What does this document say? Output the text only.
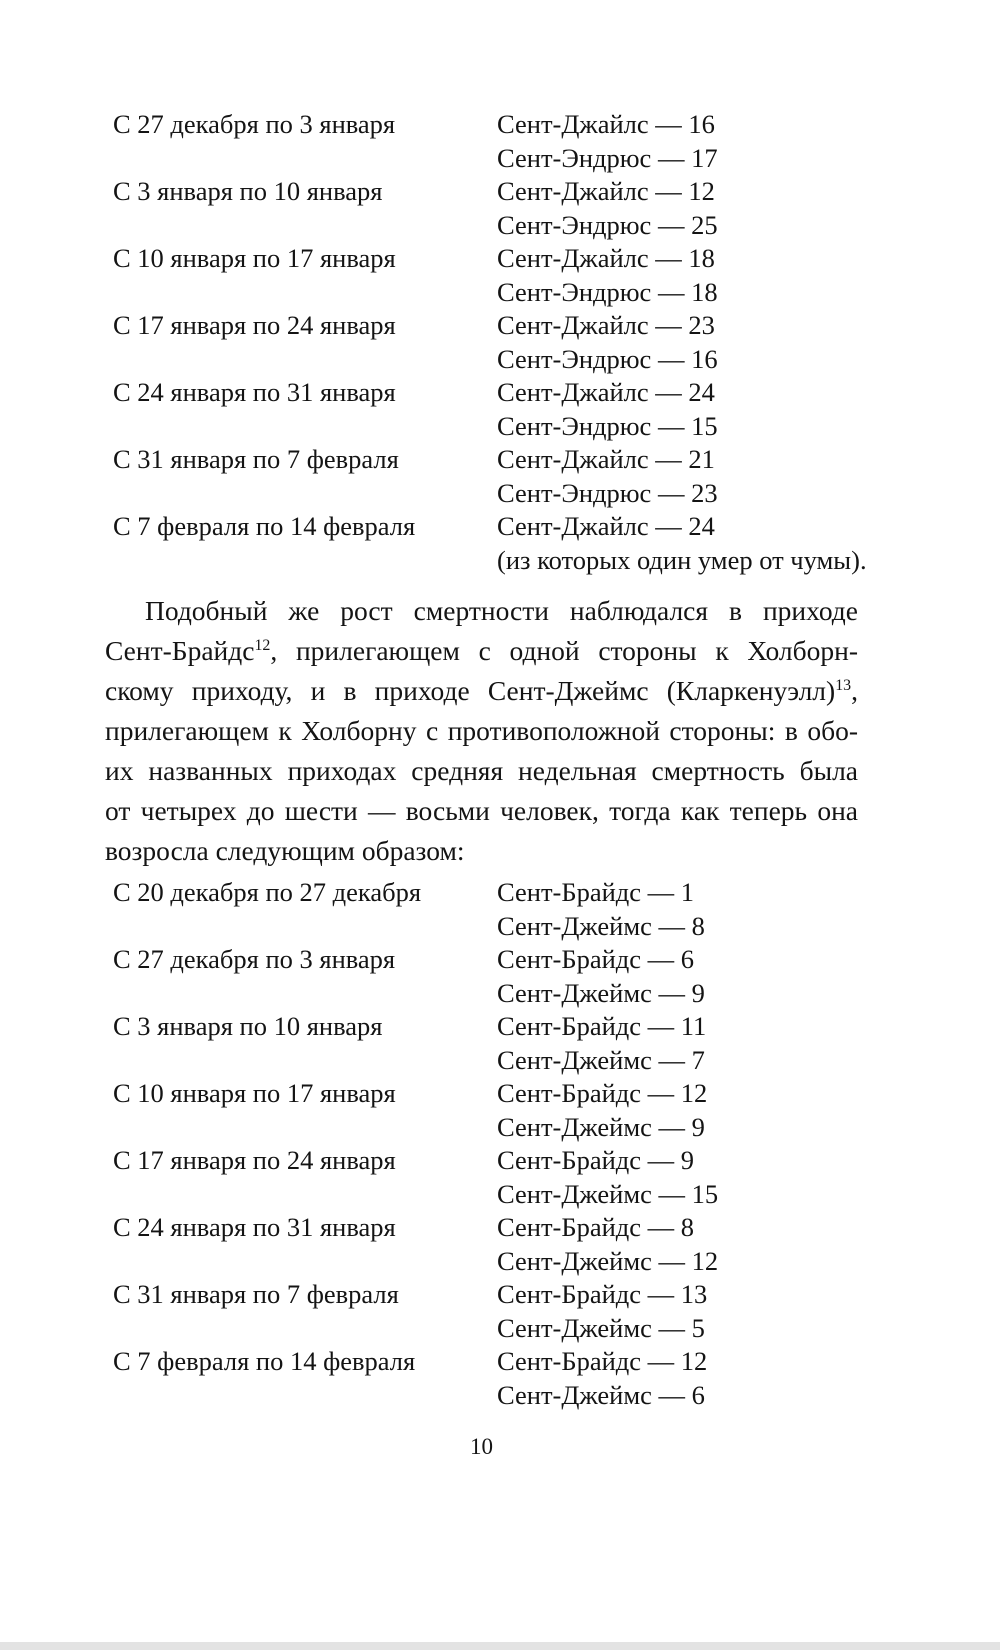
С 27 декабря по 3 января	Сент-Джайлс — 16
Сент-Эндрюс — 17
С 3 января по 10 января	Сент-Джайлс — 12
Сент-Эндрюс — 25
С 10 января по 17 января	Сент-Джайлс — 18
Сент-Эндрюс — 18
С 17 января по 24 января	Сент-Джайлс — 23
Сент-Эндрюс — 16
С 24 января по 31 января	Сент-Джайлс — 24
Сент-Эндрюс — 15
С 31 января по 7 февраля	Сент-Джайлс — 21
Сент-Эндрюс — 23
С 7 февраля по 14 февраля	Сент-Джайлс — 24
(из которых один умер от чумы).
Подобный же рост смертности наблюдался в приходе
Сент-Брайдс$^{12}$, прилегающем с одной стороны к Холборн-
скому приходу, и в приходе Сент-Джеймс (Кларкенуэлл)$^{13}$,
прилегающем к Холборну с противоположной стороны: в обо-
их названных приходах средняя недельная смертность была
от четырех до шести — восьми человек, тогда как теперь она
возросла следующим образом:
С 20 декабря по 27 декабря	Сент-Брайдс — 1
Сент-Джеймс — 8
С 27 декабря по 3 января	Сент-Брайдс — 6
Сент-Джеймс — 9
С 3 января по 10 января	Сент-Брайдс — 11
Сент-Джеймс — 7
С 10 января по 17 января	Сент-Брайдс — 12
Сент-Джеймс — 9
С 17 января по 24 января	Сент-Брайдс — 9
Сент-Джеймс — 15
С 24 января по 31 января	Сент-Брайдс — 8
Сент-Джеймс — 12
С 31 января по 7 февраля	Сент-Брайдс — 13
Сент-Джеймс — 5
С 7 февраля по 14 февраля	Сент-Брайдс — 12
Сент-Джеймс — 6
10
